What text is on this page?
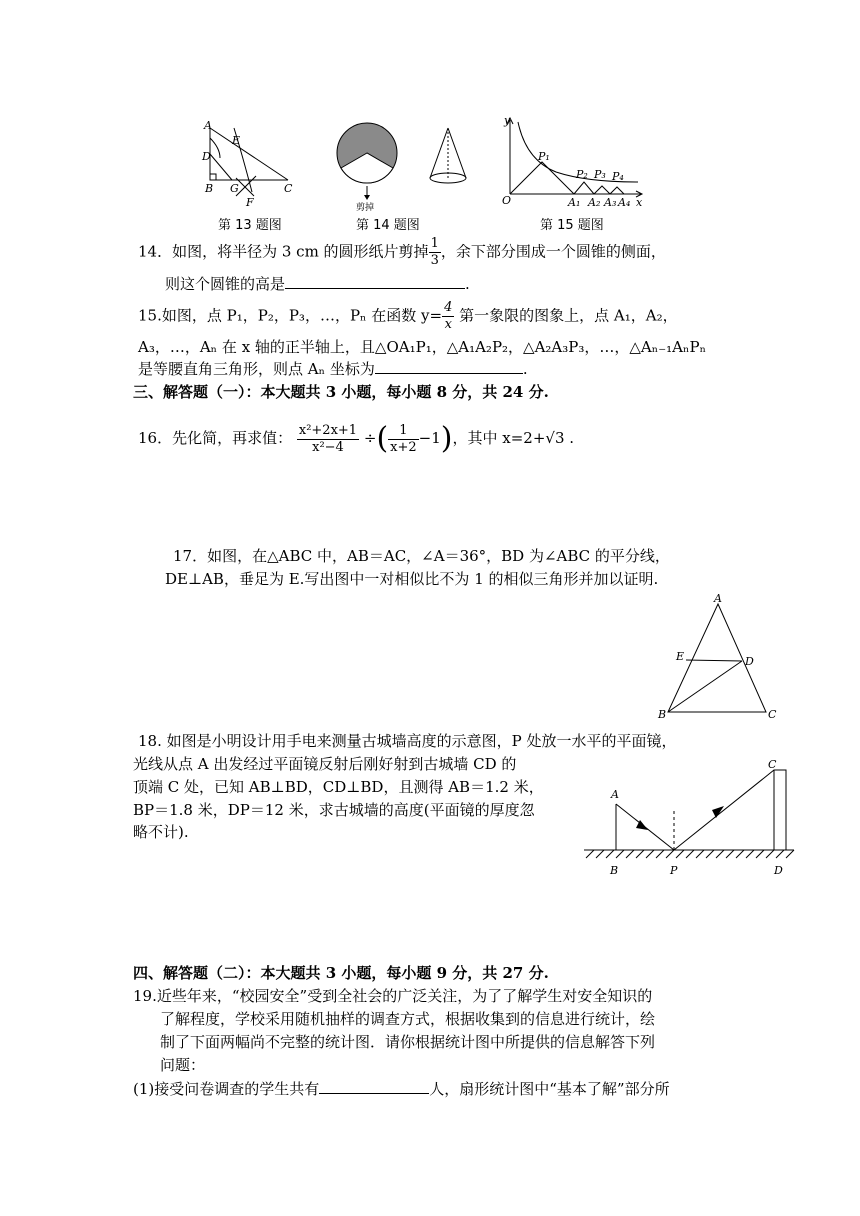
A
E
D
B G	C
F
第 13 题图
剪掉
第 14 题图
y
O	x
P₁
P₂ P₃ P₄
A₁ A₂ A₃ A₄
第 15 题图
14．如图，将半径为 3 cm 的圆形纸片剪掉 $\frac{1}{3}$ ，余下部分围成一个圆锥的侧面，
则这个圆锥的高是	.
15.如图，点 P₁，P₂，P₃，…，Pₙ 在函数 $y= \frac{4}{x}$ 第一象限的图象上，点 A₁，A₂，
A₃，…，Aₙ 在 x 轴的正半轴上，且△OA₁P₁，△A₁A₂P₂，△A₂A₃P₃，…，△Aₙ₋₁AₙPₙ
是等腰直角三角形，则点 Aₙ 坐标为	.
三、解答题（一）：本大题共 3 小题，每小题 8 分，共 24 分.
16．先化简，再求值： $\frac{\text{x²+2x+1}}{\text{x²−4}}$ ÷( $\frac{1}{x+2} -1$)，其中 x=2+√3 .
17．如图，在△ABC 中，AB＝AC，∠A＝36°，BD 为∠ABC 的平分线，
DE⊥AB，垂足为 E.写出图中一对相似比不为 1 的相似三角形并加以证明.
A
E	D
B	C
18. 如图是小明设计用手电来测量古城墙高度的示意图，P 处放一水平的平面镜，
光线从点 A 出发经过平面镜反射后刚好射到古城墙 CD 的
顶端 C 处，已知 AB⊥BD，CD⊥BD，且测得 AB＝1.2 米，
BP＝1.8 米，DP＝12 米，求古城墙的高度(平面镜的厚度忽
略不计).
A
C
B	P	D
四、解答题（二）：本大题共 3 小题，每小题 9 分，共 27 分.
19.近些年来，“校园安全”受到全社会的广泛关注，为了了解学生对安全知识的
了解程度，学校采用随机抽样的调查方式，根据收集到的信息进行统计，绘
制了下面两幅尚不完整的统计图．请你根据统计图中所提供的信息解答下列
问题：
(1)接受问卷调查的学生共有	人，扇形统计图中“基本了解”部分所
